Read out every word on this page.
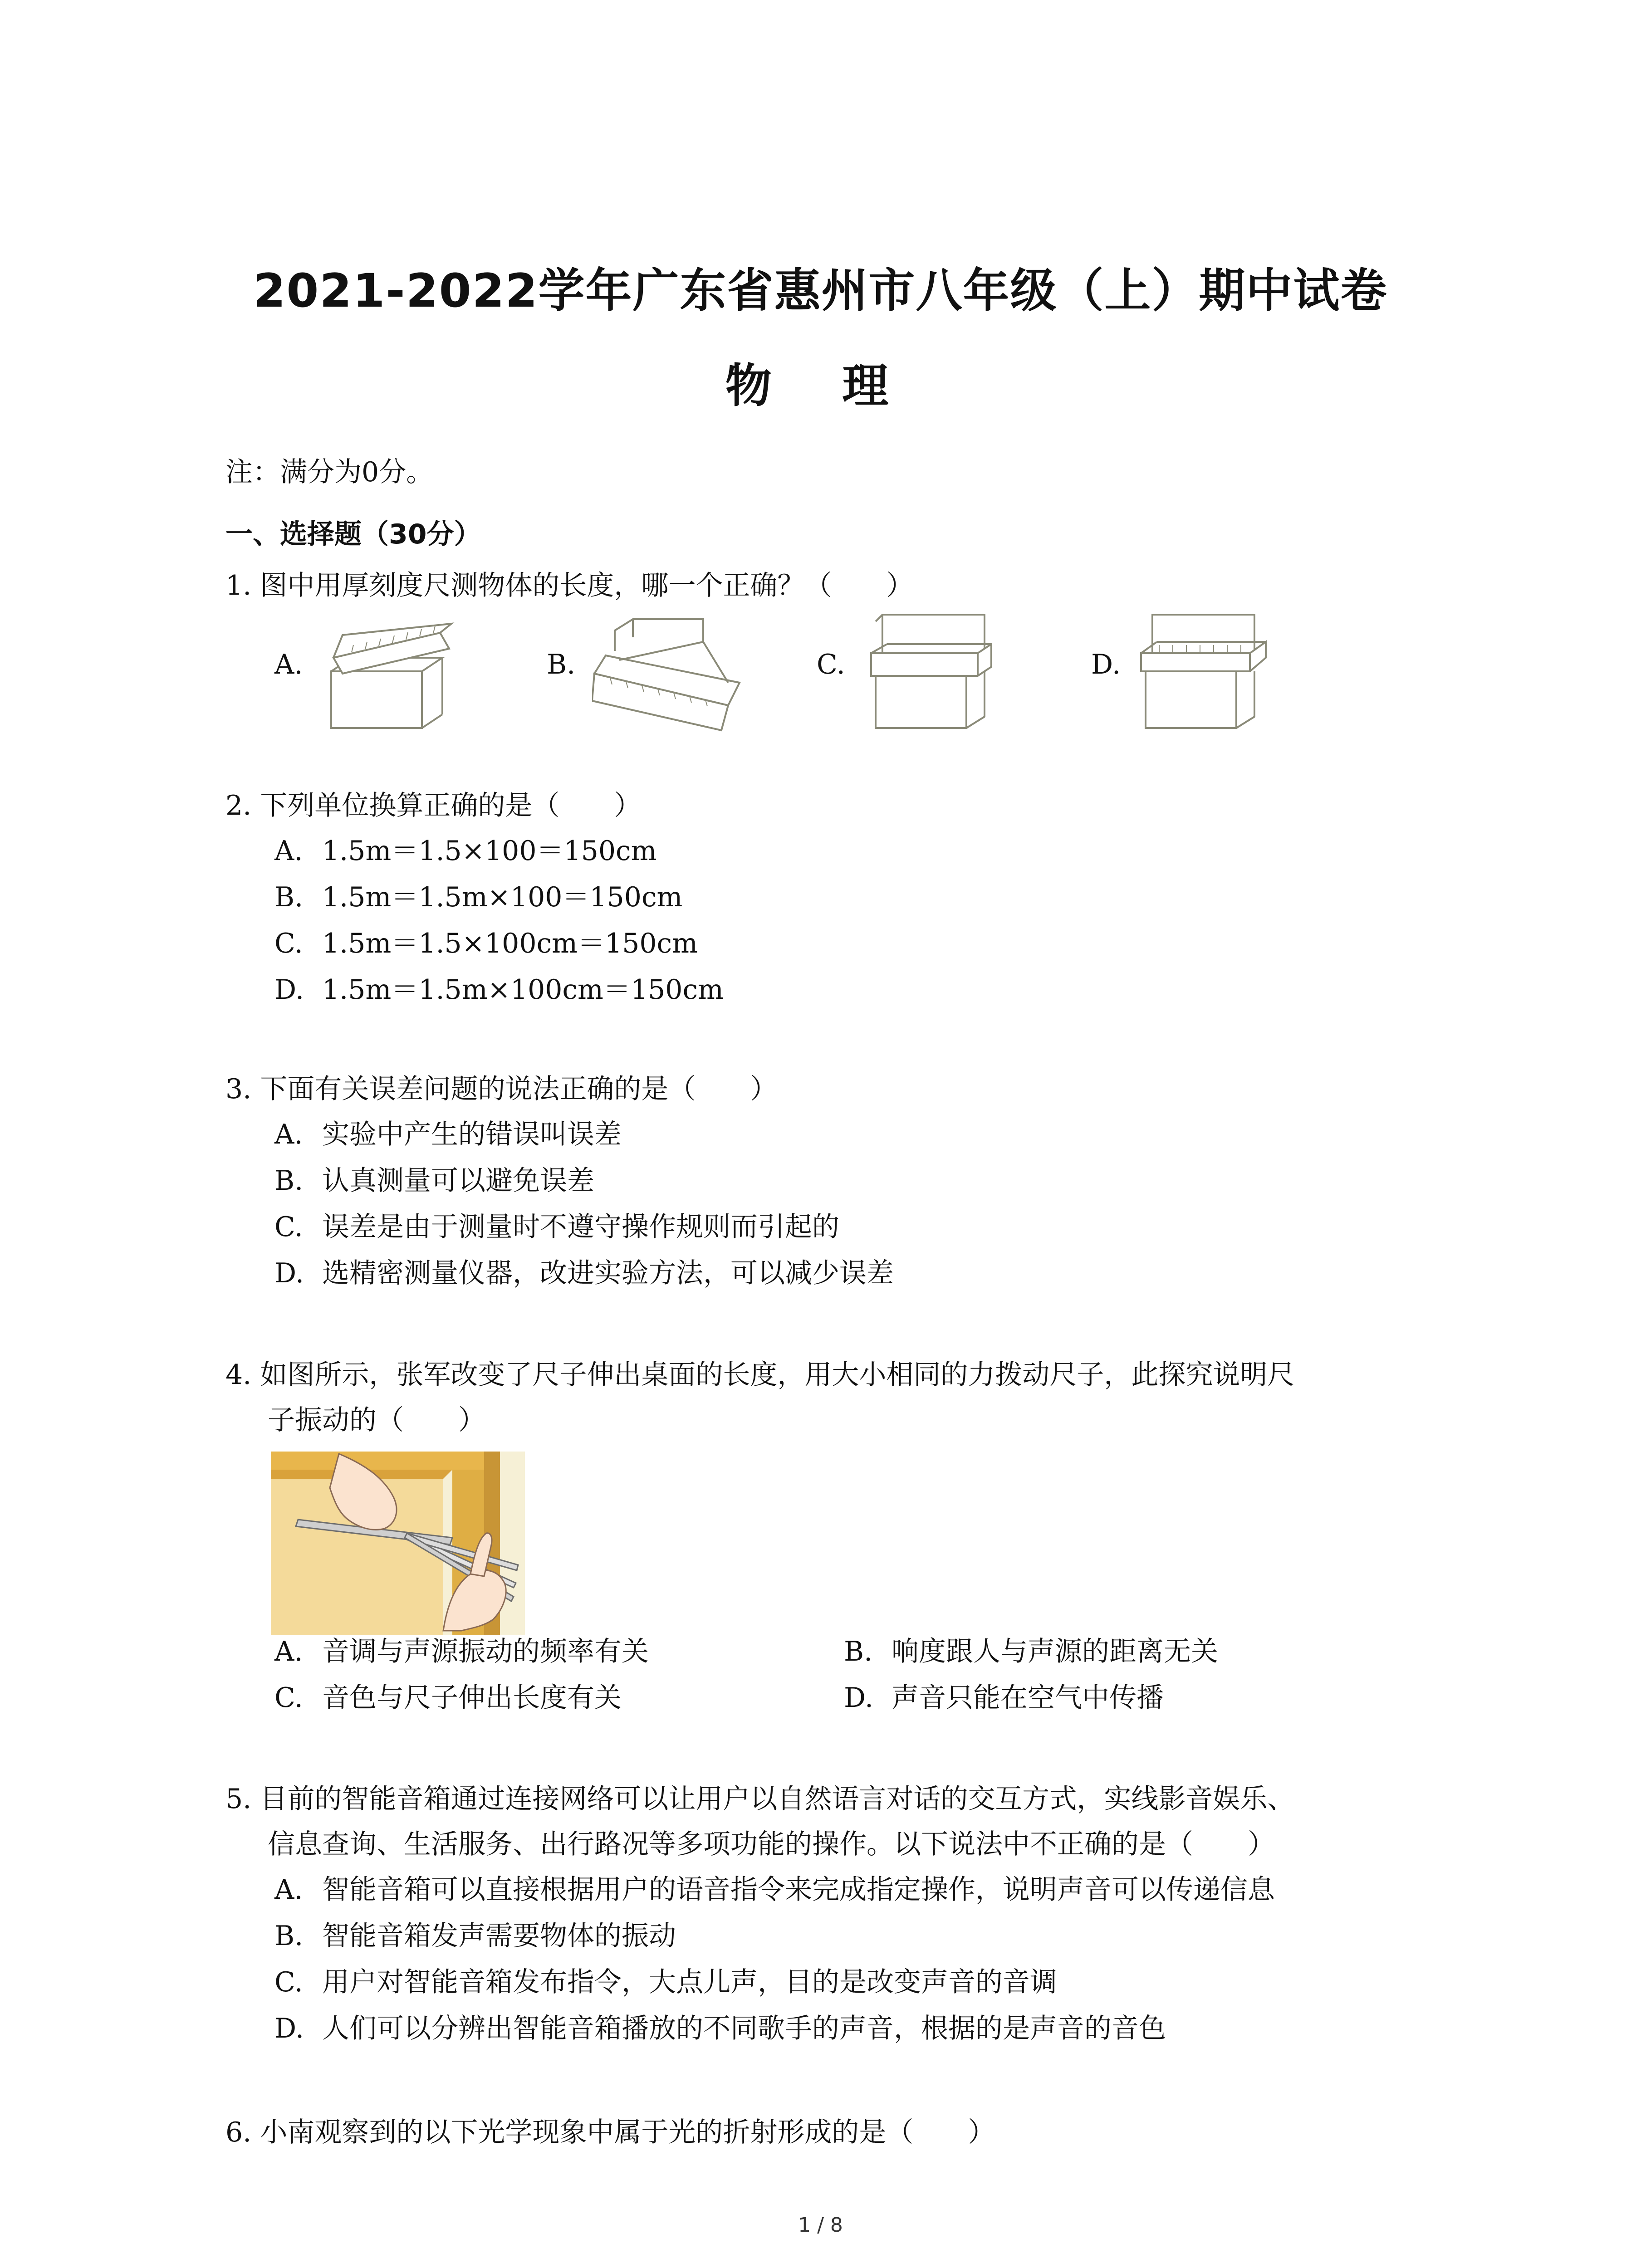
2021-2022学年广东省惠州市八年级（上）期中试卷
物 理
注：满分为0分。
一、选择题（30分）
1. 图中用厚刻度尺测物体的长度，哪一个正确？（　　）
A.	B.	C.	D.
2. 下列单位换算正确的是（　　）
A. 1.5m＝1.5×100＝150cm
B. 1.5m＝1.5m×100＝150cm
C. 1.5m＝1.5×100cm＝150cm
D. 1.5m＝1.5m×100cm＝150cm
3. 下面有关误差问题的说法正确的是（　　）
A. 实验中产生的错误叫误差
B. 认真测量可以避免误差
C. 误差是由于测量时不遵守操作规则而引起的
D. 选精密测量仪器，改进实验方法，可以减少误差
4. 如图所示，张军改变了尺子伸出桌面的长度，用大小相同的力拨动尺子，此探究说明尺
子振动的（　　）
A. 音调与声源振动的频率有关	B. 响度跟人与声源的距离无关
C. 音色与尺子伸出长度有关	D. 声音只能在空气中传播
5. 目前的智能音箱通过连接网络可以让用户以自然语言对话的交互方式，实线影音娱乐、
信息查询、生活服务、出行路况等多项功能的操作。以下说法中不正确的是（　　）
A. 智能音箱可以直接根据用户的语音指令来完成指定操作，说明声音可以传递信息
B. 智能音箱发声需要物体的振动
C. 用户对智能音箱发布指令，大点儿声，目的是改变声音的音调
D. 人们可以分辨出智能音箱播放的不同歌手的声音，根据的是声音的音色
6. 小南观察到的以下光学现象中属于光的折射形成的是（　　）
1 / 8
